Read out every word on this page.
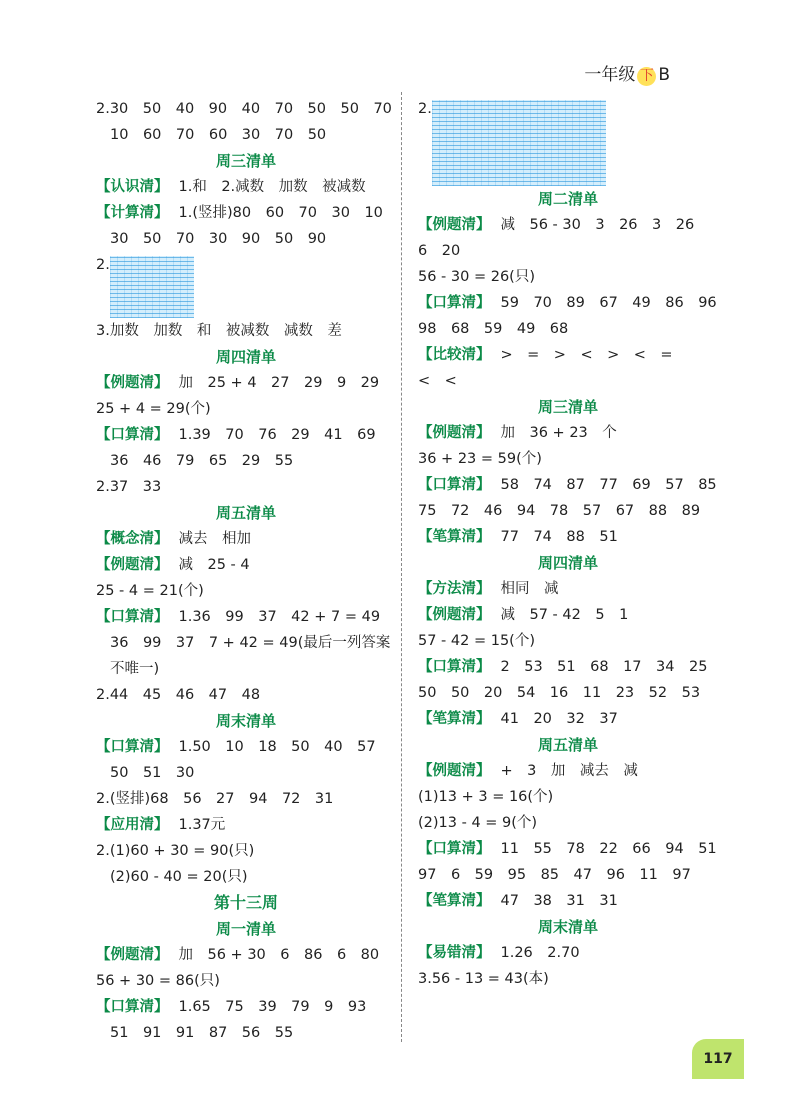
一年级 下 B
2.30　50　40　90　40　70　50　50　70
10　60　70　60　30　70　50
周三清单
【认识清】 1.和　2.减数　加数　被减数
【计算清】 1.(竖排)80　60　70　30　10
30　50　70　30　90　50　90
2.
3.加数　加数　和　被减数　减数　差
周四清单
【例题清】 加　25 + 4　27　29　9　29
25 + 4 = 29(个)
【口算清】 1.39　70　76　29　41　69
36　46　79　65　29　55
2.37　33
周五清单
【概念清】 减去　相加
【例题清】 减　25 - 4
25 - 4 = 21(个)
【口算清】 1.36　99　37　42 + 7 = 49
36　99　37　7 + 42 = 49(最后一列答案
不唯一)
2.44　45　46　47　48
周末清单
【口算清】 1.50　10　18　50　40　57
50　51　30
2.(竖排)68　56　27　94　72　31
【应用清】 1.37元
2.(1)60 + 30 = 90(只)
(2)60 - 40 = 20(只)
第十三周
周一清单
【例题清】 加　56 + 30　6　86　6　80
56 + 30 = 86(只)
【口算清】 1.65　75　39　79　9　93
51　91　91　87　56　55
2.
周二清单
【例题清】 减　56 - 30　3　26　3　26
6　20
56 - 30 = 26(只)
【口算清】 59　70　89　67　49　86　96
98　68　59　49　68
【比较清】 >　=　>　<　>　<　=
<　<
周三清单
【例题清】 加　36 + 23　个
36 + 23 = 59(个)
【口算清】 58　74　87　77　69　57　85
75　72　46　94　78　57　67　88　89
【笔算清】 77　74　88　51
周四清单
【方法清】 相同　减
【例题清】 减　57 - 42　5　1
57 - 42 = 15(个)
【口算清】 2　53　51　68　17　34　25
50　50　20　54　16　11　23　52　53
【笔算清】 41　20　32　37
周五清单
【例题清】 +　3　加　减去　减
(1)13 + 3 = 16(个)
(2)13 - 4 = 9(个)
【口算清】 11　55　78　22　66　94　51
97　6　59　95　85　47　96　11　97
【笔算清】 47　38　31　31
周末清单
【易错清】 1.26　2.70
3.56 - 13 = 43(本)
117
